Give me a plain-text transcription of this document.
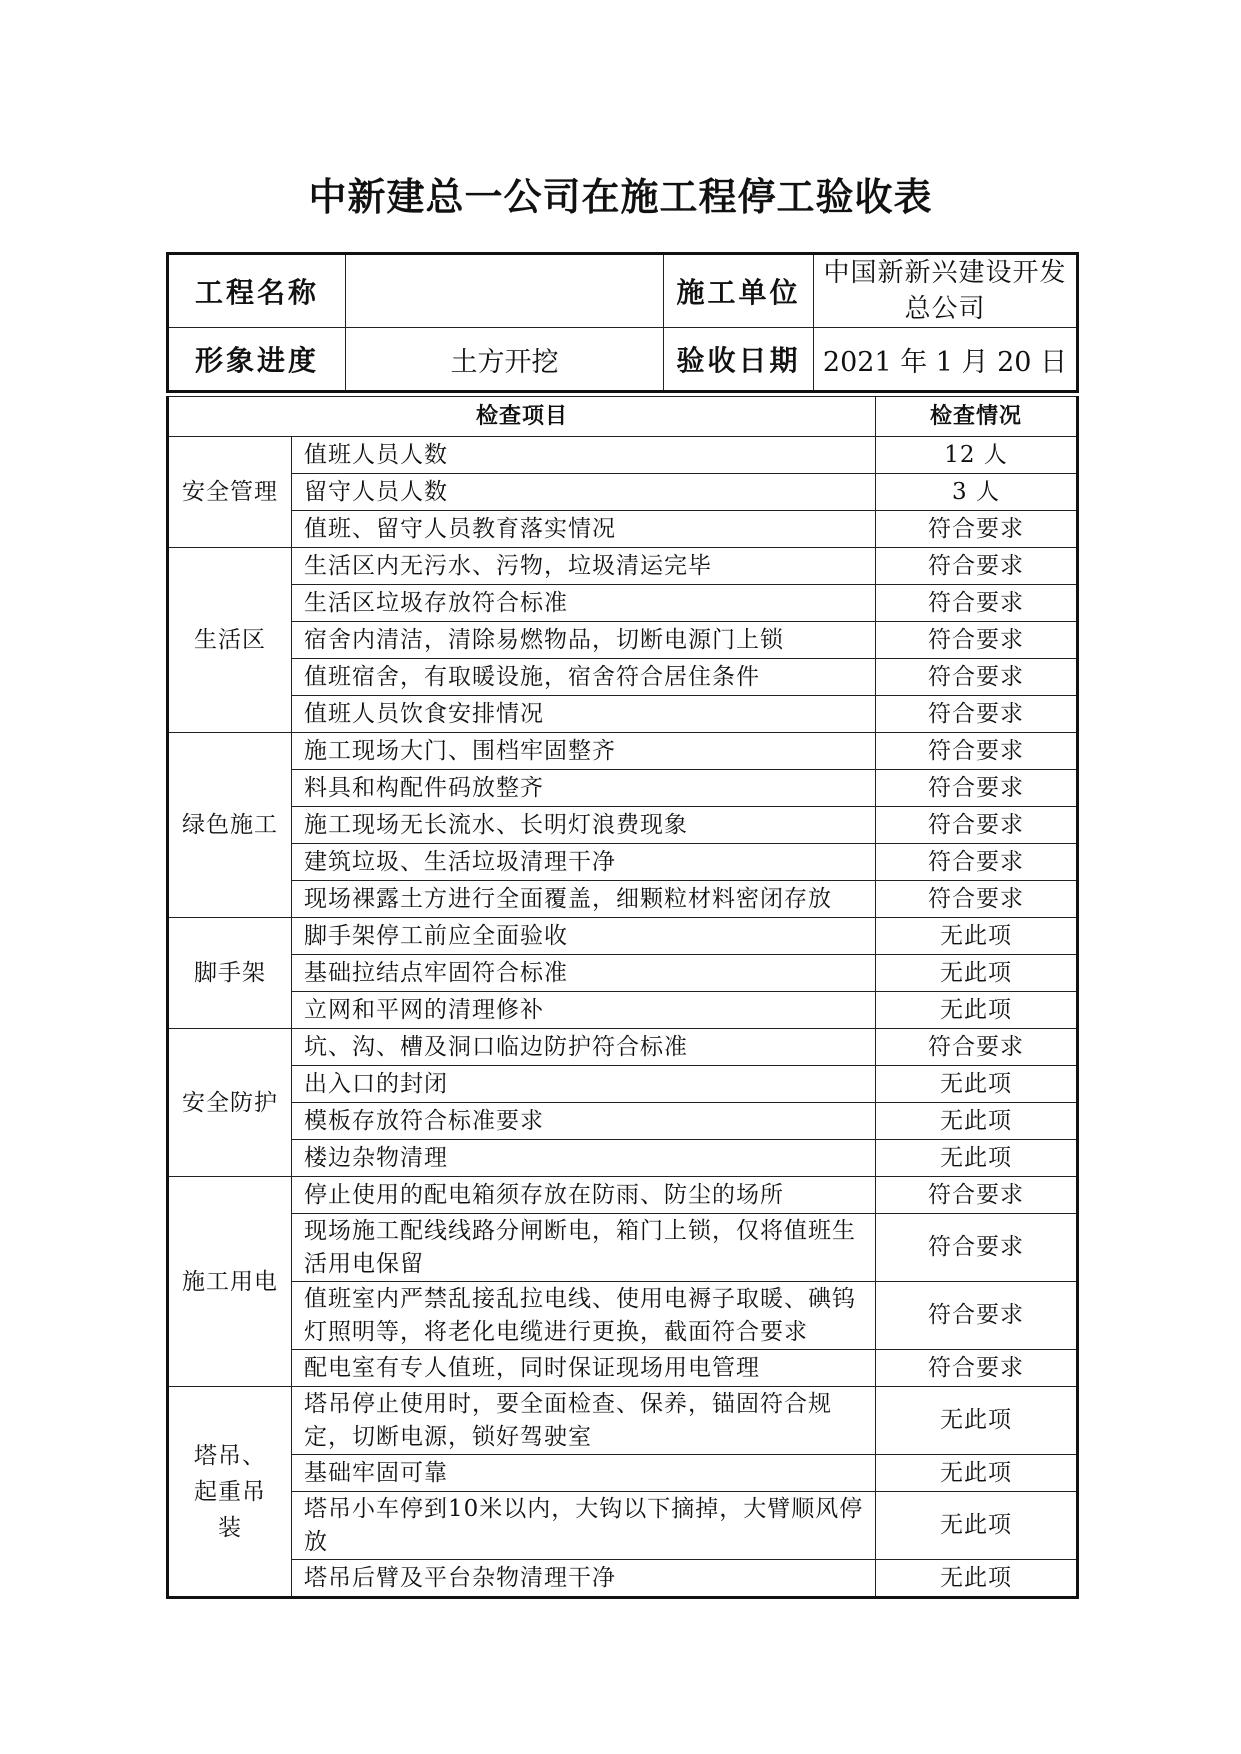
中新建总一公司在施工程停工验收表
工程名称		施工单位	中国新新兴建设开发总公司
形象进度	土方开挖	验收日期	2021 年 1 月 20 日
检查项目		检查情况
安全管理	值班人员人数	12 人
	留守人员人数	3 人
	值班、留守人员教育落实情况	符合要求
生活区	生活区内无污水、污物，垃圾清运完毕	符合要求
	生活区垃圾存放符合标准	符合要求
	宿舍内清洁，清除易燃物品，切断电源门上锁	符合要求
	值班宿舍，有取暖设施，宿舍符合居住条件	符合要求
	值班人员饮食安排情况	符合要求
绿色施工	施工现场大门、围档牢固整齐	符合要求
	料具和构配件码放整齐	符合要求
	施工现场无长流水、长明灯浪费现象	符合要求
	建筑垃圾、生活垃圾清理干净	符合要求
	现场裸露土方进行全面覆盖，细颗粒材料密闭存放	符合要求
脚手架	脚手架停工前应全面验收	无此项
	基础拉结点牢固符合标准	无此项
	立网和平网的清理修补	无此项
安全防护	坑、沟、槽及洞口临边防护符合标准	符合要求
	出入口的封闭	无此项
	模板存放符合标准要求	无此项
	楼边杂物清理	无此项
施工用电	停止使用的配电箱须存放在防雨、防尘的场所	符合要求
	现场施工配线线路分闸断电，箱门上锁，仅将值班生活用电保留	符合要求
	值班室内严禁乱接乱拉电线、使用电褥子取暖、碘钨灯照明等，将老化电缆进行更换，截面符合要求	符合要求
	配电室有专人值班，同时保证现场用电管理	符合要求
塔吊、起重吊装	塔吊停止使用时，要全面检查、保养，锚固符合规定，切断电源，锁好驾驶室	无此项
	基础牢固可靠	无此项
	塔吊小车停到10米以内，大钩以下摘掉，大臂顺风停放	无此项
	塔吊后臂及平台杂物清理干净	无此项
